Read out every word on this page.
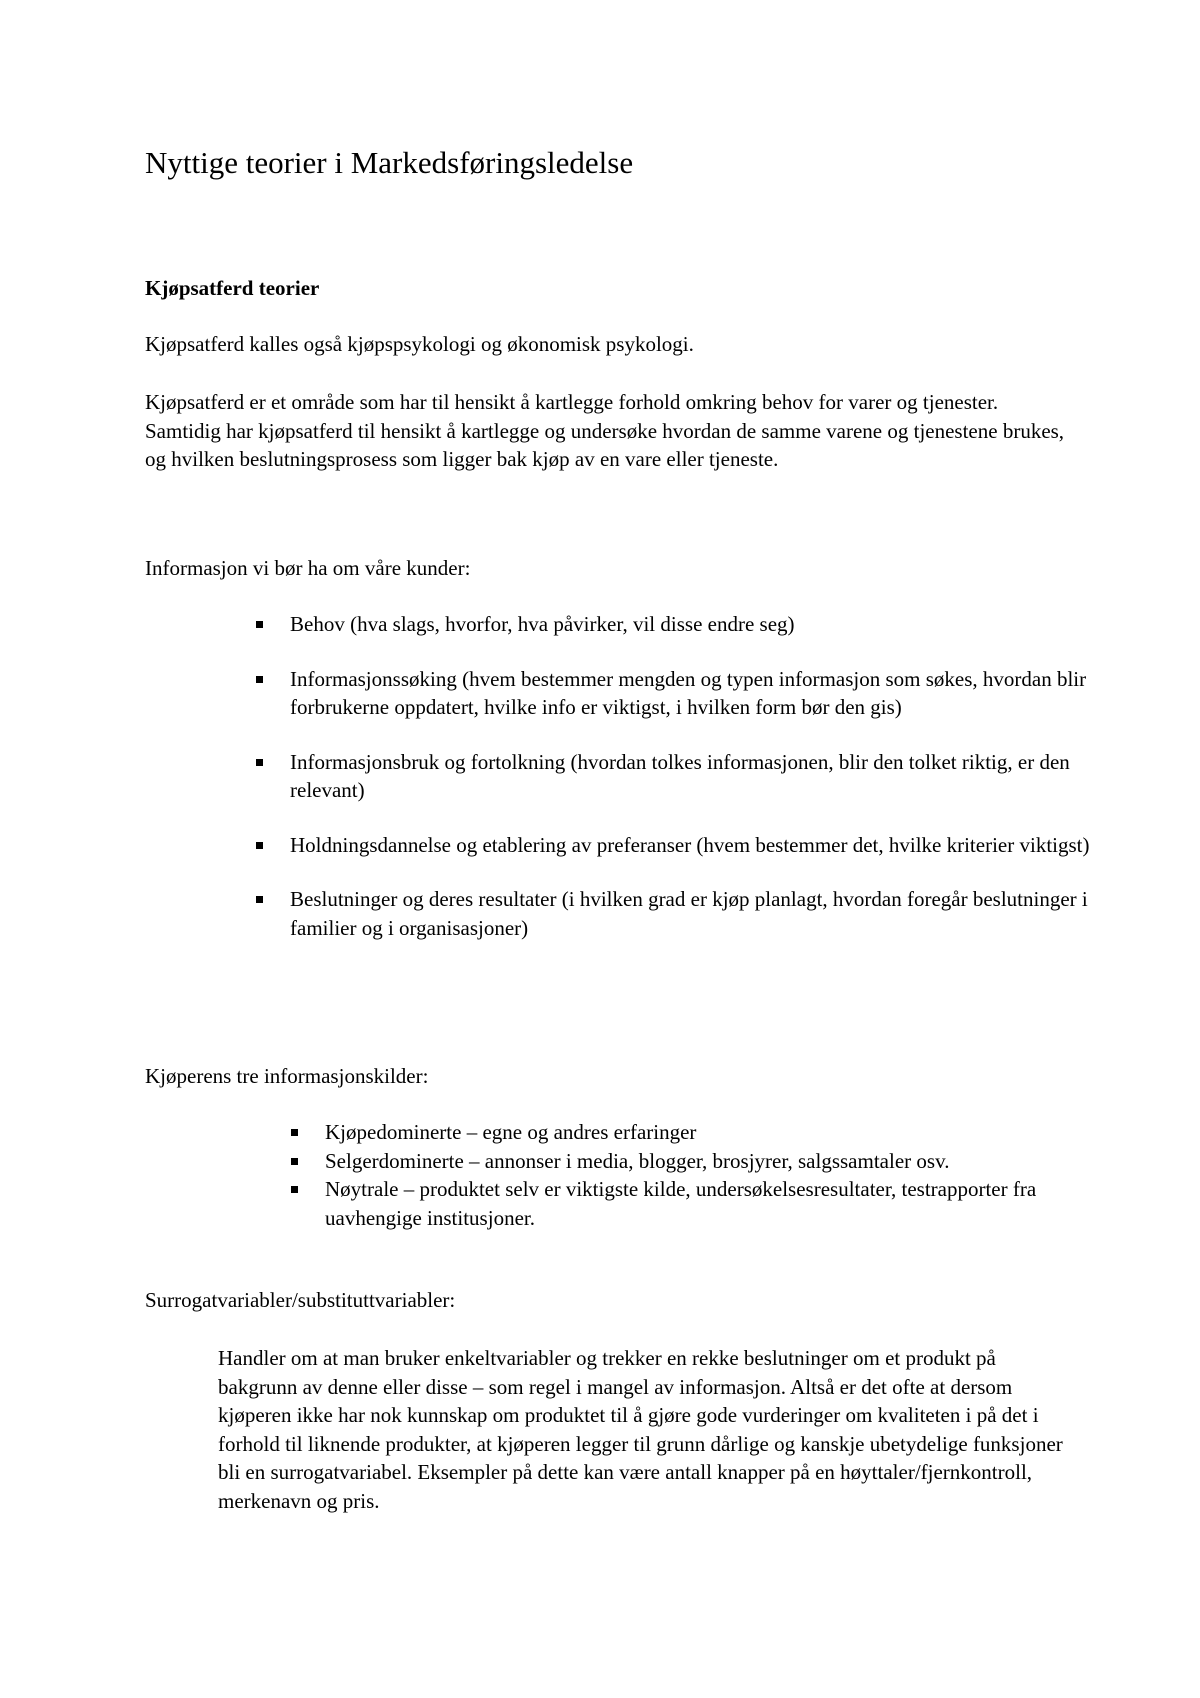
Nyttige teorier i Markedsføringsledelse
Kjøpsatferd teorier

Kjøpsatferd kalles også kjøpspsykologi og økonomisk psykologi.

Kjøpsatferd er et område som har til hensikt å kartlegge forhold omkring behov for varer og tjenester. Samtidig har kjøpsatferd til hensikt å kartlegge og undersøke hvordan de samme varene og tjenestene brukes, og hvilken beslutningsprosess som ligger bak kjøp av en vare eller tjeneste.

Informasjon vi bør ha om våre kunder:

Behov (hva slags, hvorfor, hva påvirker, vil disse endre seg)
Informasjonssøking (hvem bestemmer mengden og typen informasjon som søkes, hvordan blir forbrukerne oppdatert, hvilke info er viktigst, i hvilken form bør den gis)
Informasjonsbruk og fortolkning (hvordan tolkes informasjonen, blir den tolket riktig, er den relevant)
Holdningsdannelse og etablering av preferanser (hvem bestemmer det, hvilke kriterier viktigst)
Beslutninger og deres resultater (i hvilken grad er kjøp planlagt, hvordan foregår beslutninger i familier og i organisasjoner)

Kjøperens tre informasjonskilder:

Kjøpedominerte – egne og andres erfaringer
Selgerdominerte – annonser i media, blogger, brosjyrer, salgssamtaler osv.
Nøytrale – produktet selv er viktigste kilde, undersøkelsesresultater, testrapporter fra uavhengige institusjoner.

Surrogatvariabler/substituttvariabler:

Handler om at man bruker enkeltvariabler og trekker en rekke beslutninger om et produkt på bakgrunn av denne eller disse – som regel i mangel av informasjon. Altså er det ofte at dersom kjøperen ikke har nok kunnskap om produktet til å gjøre gode vurderinger om kvaliteten i på det i forhold til liknende produkter, at kjøperen legger til grunn dårlige og kanskje ubetydelige funksjoner bli en surrogatvariabel. Eksempler på dette kan være antall knapper på en høyttaler/fjernkontroll, merkenavn og pris.
